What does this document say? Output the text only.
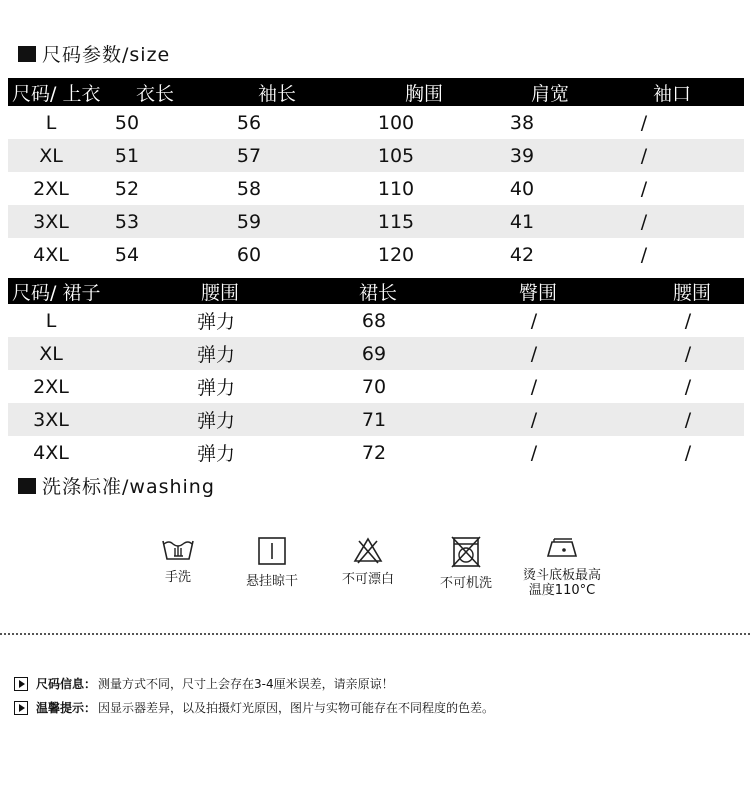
尺码参数/size
尺码/ 上衣	衣长	袖长	胸围	肩宽	袖口
L	50	56	100	38	/
XL	51	57	105	39	/
2XL	52	58	110	40	/
3XL	53	59	115	41	/
4XL	54	60	120	42	/
尺码/ 裙子	腰围	裙长	臀围	腰围
L	弹力	68	/	/
XL	弹力	69	/	/
2XL	弹力	70	/	/
3XL	弹力	71	/	/
4XL	弹力	72	/	/
洗涤标准/washing
手洗	悬挂晾干	不可漂白	不可机洗
烫斗底板最高
温度110°C
尺码信息： 测量方式不同，尺寸上会存在3-4厘米误差，请亲原谅！
温馨提示： 因显示器差异，以及拍摄灯光原因，图片与实物可能存在不同程度的色差。
